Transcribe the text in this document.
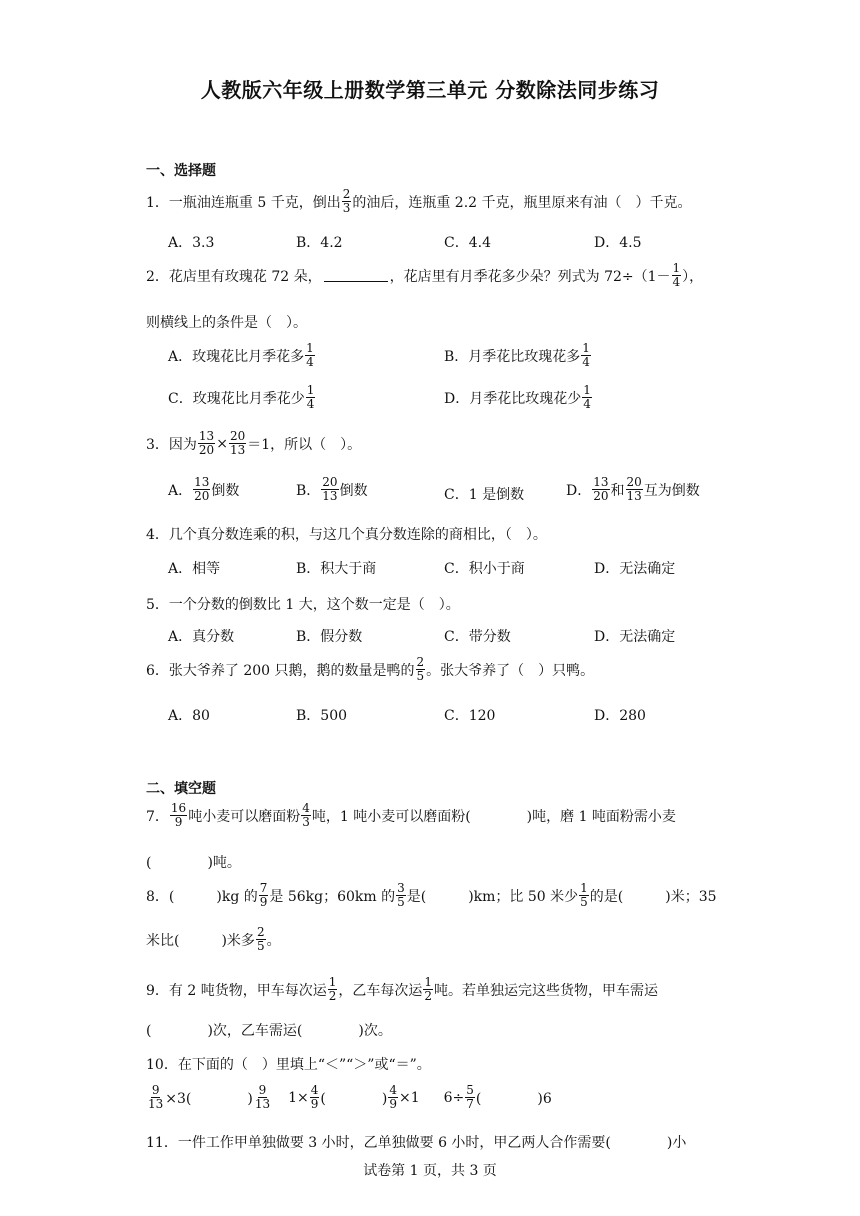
人教版六年级上册数学第三单元 分数除法同步练习
一、选择题
1．一瓶油连瓶重 5 千克，倒出 $\frac{2}{3}$ 的油后，连瓶重 2.2 千克，瓶里原来有油（　）千克。
A．3.3	B．4.2	C．4.4	D．4.5
2．花店里有玫瑰花 72 朵，	，花店里有月季花多少朵？列式为 $72\div(1- \frac{1}{4}$ ），
则横线上的条件是（　）。
A．玫瑰花比月季花多 $\frac{1}{4}$	B．月季花比玫瑰花多 $\frac{1}{4}$
C．玫瑰花比月季花少 $\frac{1}{4}$	D．月季花比玫瑰花少 $\frac{1}{4}$
3．因为 $\frac{13}{20} \times \frac{20}{13} =1$，所以（　）。
A． $\frac{13}{20}$ 倒数	B． $\frac{20}{13}$ 倒数	C．1 是倒数	D． $\frac{13}{20}$ 和 $\frac{20}{13}$ 互为倒数
4．几个真分数连乘的积，与这几个真分数连除的商相比，（　）。
A．相等	B．积大于商	C．积小于商	D．无法确定
5．一个分数的倒数比 1 大，这个数一定是（　）。
A．真分数	B．假分数	C．带分数	D．无法确定
6．张大爷养了 200 只鹅，鹅的数量是鸭的 $\frac{2}{5}$ 。张大爷养了（　）只鸭。
A．80	B．500	C．120	D．280
二、填空题
7． $\frac{16}{9}$ 吨小麦可以磨面粉 $\frac{4}{3}$ 吨，1 吨小麦可以磨面粉(　　　　)吨，磨 1 吨面粉需小麦
(　　　　)吨。
8．(　　　)kg 的 $\frac{7}{9}$ 是 56kg；60km 的 $\frac{3}{5}$ 是(　　　)km；比 50 米少 $\frac{1}{5}$ 的是(　　　)米；35
米比(　　　)米多 $\frac{2}{5}$ 。
9．有 2 吨货物，甲车每次运 $\frac{1}{2}$ ，乙车每次运 $\frac{1}{2}$ 吨。若单独运完这些货物，甲车需运
(　　　　)次，乙车需运(　　　　)次。
10．在下面的（　）里填上“＜”“＞”或“＝”。
$\frac{9}{13} \times 3$(　　　　) $\frac{9}{13} 1\times \frac{4}{9}$ (　　　　) $\frac{4}{9} \times 1$ $6\div \frac{5}{7}$ (　　　　)6
11．一件工作甲单独做要 3 小时，乙单独做要 6 小时，甲乙两人合作需要(　　　　)小
试卷第 1 页，共 3 页
